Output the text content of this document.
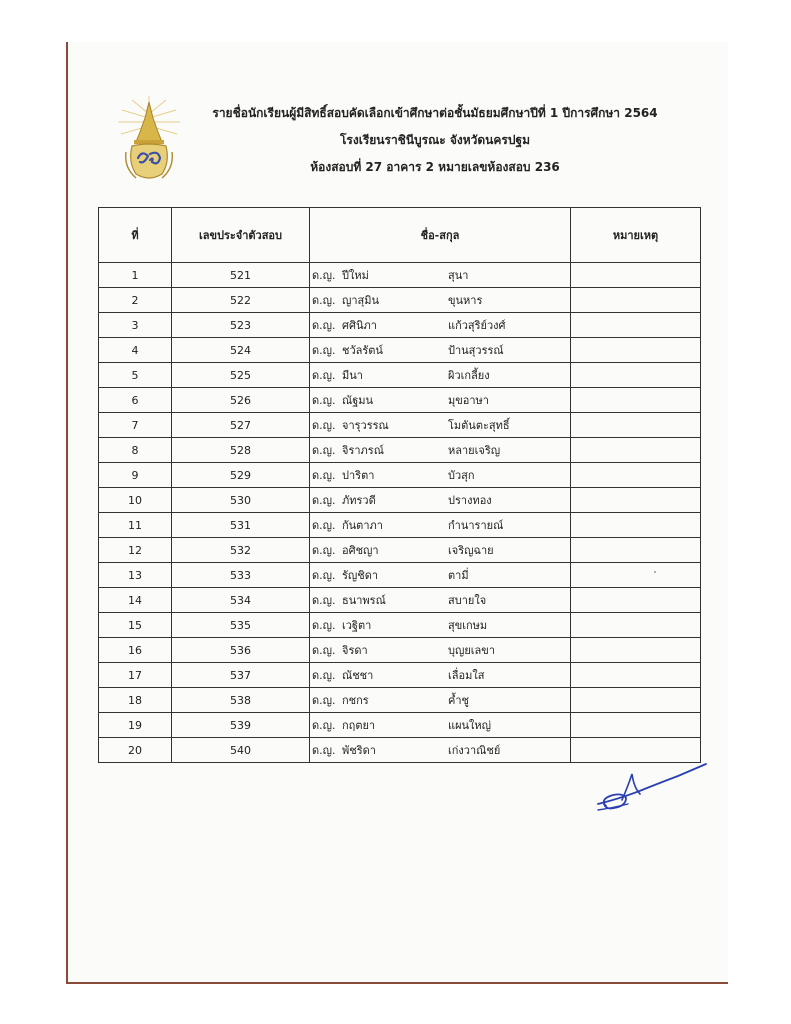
รายชื่อนักเรียนผู้มีสิทธิ์สอบคัดเลือกเข้าศึกษาต่อชั้นมัธยมศึกษาปีที่ 1 ปีการศึกษา 2564
โรงเรียนราชินีบูรณะ จังหวัดนครปฐม
ห้องสอบที่ 27 อาคาร 2 หมายเลขห้องสอบ 236
ที่	เลขประจำตัวสอบ	ชื่อ-สกุล	หมายเหตุ
1	521	ด.ญ. ปีใหม่ สุนา	
2	522	ด.ญ. ญาสุมิน ขุนหาร	
3	523	ด.ญ. ศศินิภา แก้วสุริย์วงศ์	
4	524	ด.ญ. ชวัลรัตน์ ป้านสุวรรณ์	
5	525	ด.ญ. มีนา ผิวเกลี้ยง	
6	526	ด.ญ. ณัฐมน มุขอาษา	
7	527	ด.ญ. จารุวรรณ โมตันตะสุทธิ์	
8	528	ด.ญ. จิราภรณ์ หลายเจริญ	
9	529	ด.ญ. ปาริตา บัวสุก	
10	530	ด.ญ. ภัทรวดี ปรางทอง	
11	531	ด.ญ. กันตาภา กำนารายณ์	
12	532	ด.ญ. อศิชญา เจริญฉาย	
13	533	ด.ญ. รัญชิดา ตามี่	
14	534	ด.ญ. ธนาพรณ์ สบายใจ	
15	535	ด.ญ. เวฐิตา สุขเกษม	
16	536	ด.ญ. จิรดา บุญยเลขา	
17	537	ด.ญ. ณัชชา เลื่อมใส	
18	538	ด.ญ. กชกร ค้ำชู	
19	539	ด.ญ. กฤตยา แผนใหญ่	
20	540	ด.ญ. พัชริดา เก่งวาณิชย์	
